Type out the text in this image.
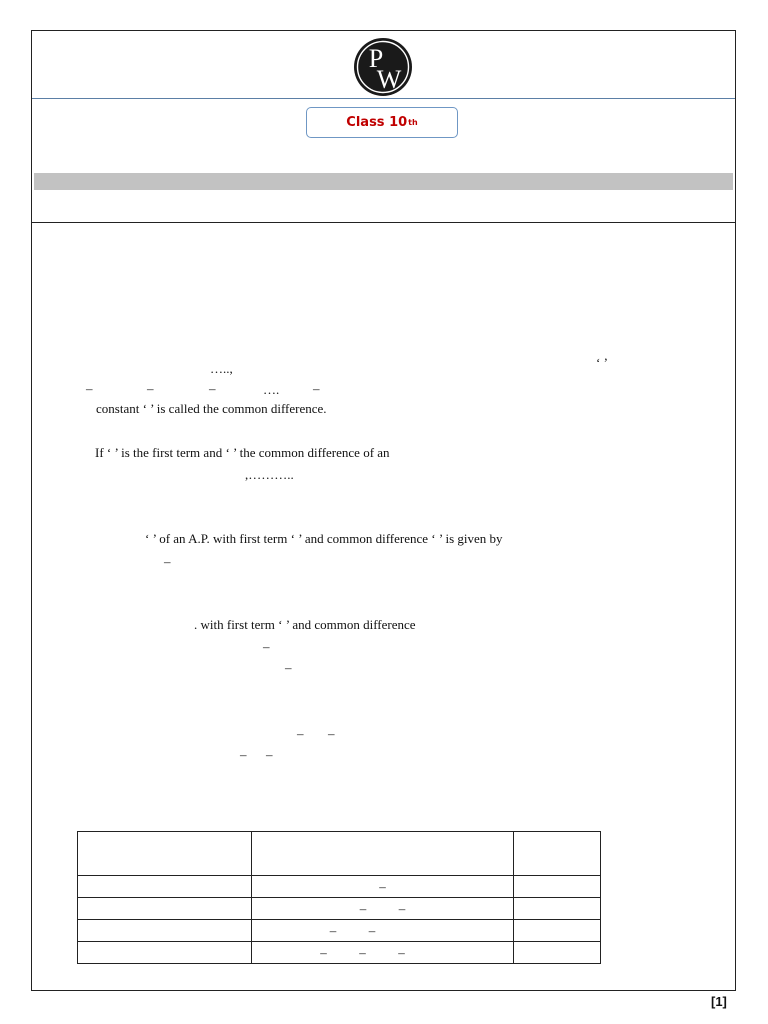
P
W
Class 10 th
…..,	‘ ’
–	–	–	….	–
constant ‘ ’ is called the common difference.
If ‘ ’ is the first term and ‘ ’ the common difference of an
,………..
‘ ’ of an A.P. with first term ‘ ’ and common difference ‘ ’ is given by
–
. with first term ‘ ’ and common difference
–
–
– –
– –

	–	
	–          –	
	–          –	
	–          –          –	
[1]
